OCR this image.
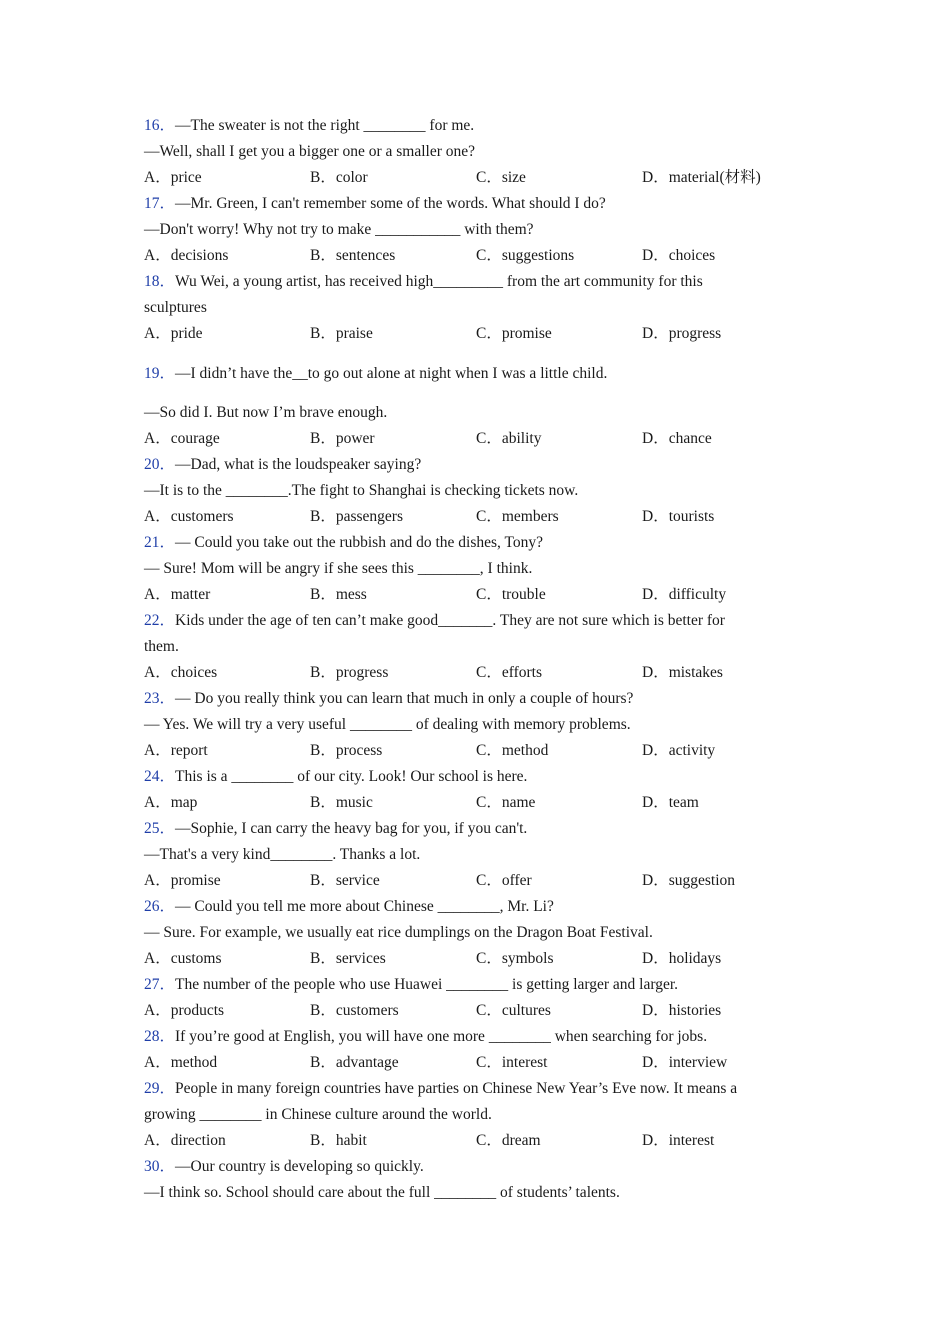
16．—The sweater is not the right ________ for me.
—Well, shall I get you a bigger one or a smaller one?
A．price	B．color	C．size	D．material(材料)
17．—Mr. Green, I can't remember some of the words. What should I do?
—Don't worry! Why not try to make ___________ with them?
A．decisions	B．sentences	C．suggestions	D．choices
18．Wu Wei, a young artist, has received high_________ from the art community for this
sculptures
A．pride	B．praise	C．promise	D．progress
19．—I didn’t have the__to go out alone at night when I was a little child.
—So did I. But now I’m brave enough.
A．courage	B．power	C．ability	D．chance
20．—Dad, what is the loudspeaker saying?
—It is to the ________.The fight to Shanghai is checking tickets now.
A．customers	B．passengers	C．members	D．tourists
21．— Could you take out the rubbish and do the dishes, Tony?
— Sure! Mom will be angry if she sees this ________, I think.
A．matter	B．mess	C．trouble	D．difficulty
22．Kids under the age of ten can’t make good_______. They are not sure which is better for
them.
A．choices	B．progress	C．efforts	D．mistakes
23．— Do you really think you can learn that much in only a couple of hours?
— Yes. We will try a very useful ________ of dealing with memory problems.
A．report	B．process	C．method	D．activity
24．This is a ________ of our city. Look! Our school is here.
A．map	B．music	C．name	D．team
25．—Sophie, I can carry the heavy bag for you, if you can't.
—That's a very kind________. Thanks a lot.
A．promise	B．service	C．offer	D．suggestion
26．— Could you tell me more about Chinese ________, Mr. Li?
— Sure. For example, we usually eat rice dumplings on the Dragon Boat Festival.
A．customs	B．services	C．symbols	D．holidays
27．The number of the people who use Huawei ________ is getting larger and larger.
A．products	B．customers	C．cultures	D．histories
28．If you’re good at English, you will have one more ________ when searching for jobs.
A．method	B．advantage	C．interest	D．interview
29．People in many foreign countries have parties on Chinese New Year’s Eve now. It means a
growing ________ in Chinese culture around the world.
A．direction	B．habit	C．dream	D．interest
30．—Our country is developing so quickly.
—I think so. School should care about the full ________ of students’ talents.
